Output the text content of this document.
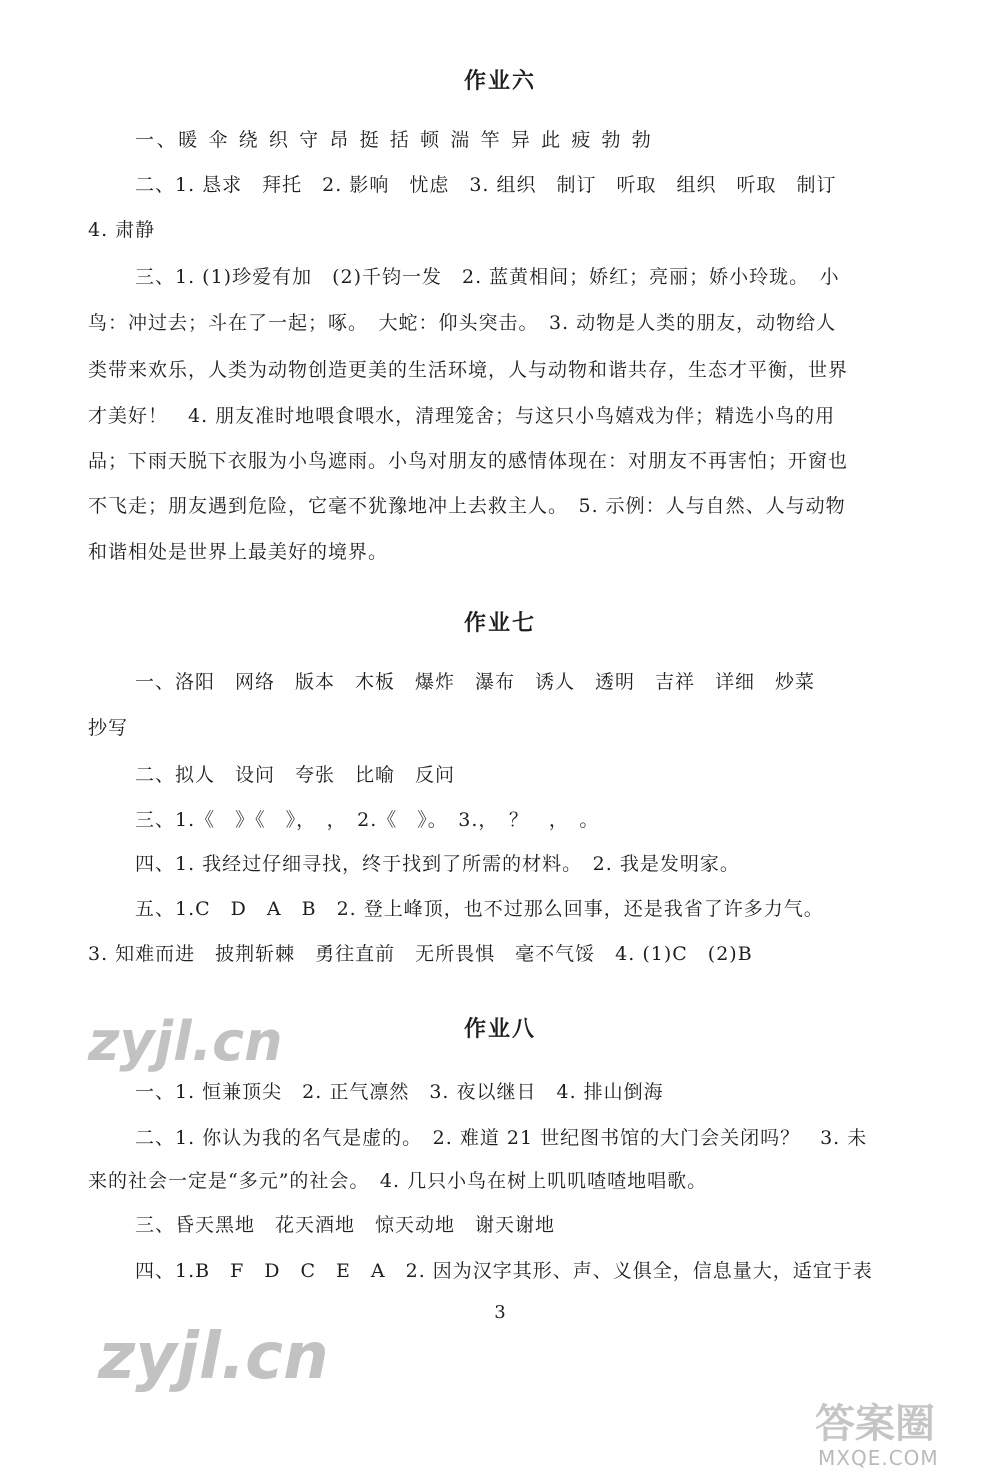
作业六
一、暖 伞 绕 织 守 昂 挺 括 顿 湍 竿 异 此 疲 勃 勃
二、1. 恳求　拜托　2. 影响　忧虑　3. 组织　制订　听取　组织　听取　制订
4. 肃静
三、1. (1)珍爱有加　(2)千钧一发　2. 蓝黄相间；娇红；亮丽；娇小玲珑。　小
鸟：冲过去；斗在了一起；啄。　大蛇：仰头突击。　3. 动物是人类的朋友，动物给人
类带来欢乐，人类为动物创造更美的生活环境，人与动物和谐共存，生态才平衡，世界
才美好！　4. 朋友准时地喂食喂水，清理笼舍；与这只小鸟嬉戏为伴；精选小鸟的用
品；下雨天脱下衣服为小鸟遮雨。小鸟对朋友的感情体现在：对朋友不再害怕；开窗也
不飞走；朋友遇到危险，它毫不犹豫地冲上去救主人。　5. 示例：人与自然、人与动物
和谐相处是世界上最美好的境界。
作业七
一、洛阳　网络　版本　木板　爆炸　瀑布　诱人　透明　吉祥　详细　炒菜
抄写
二、拟人　设问　夸张　比喻　反问
三、1.《　》《　》，　，　2.《　》。　3.，　？　，　。
四、1. 我经过仔细寻找，终于找到了所需的材料。　2. 我是发明家。
五、1.C　D　A　B　2. 登上峰顶，也不过那么回事，还是我省了许多力气。
3. 知难而进　披荆斩棘　勇往直前　无所畏惧　毫不气馁　4. (1)C　(2)B
作业八
一、1. 恒兼顶尖　2. 正气凛然　3. 夜以继日　4. 排山倒海
二、1. 你认为我的名气是虚的。　2. 难道 21 世纪图书馆的大门会关闭吗？　3. 未
来的社会一定是“多元”的社会。　4. 几只小鸟在树上叽叽喳喳地唱歌。
三、昏天黑地　花天酒地　惊天动地　谢天谢地
四、1.B　F　D　C　E　A　2. 因为汉字其形、声、义俱全，信息量大，适宜于表
3
zyjl.cn
zyjl.cn
答案圈
MXQE.COM
